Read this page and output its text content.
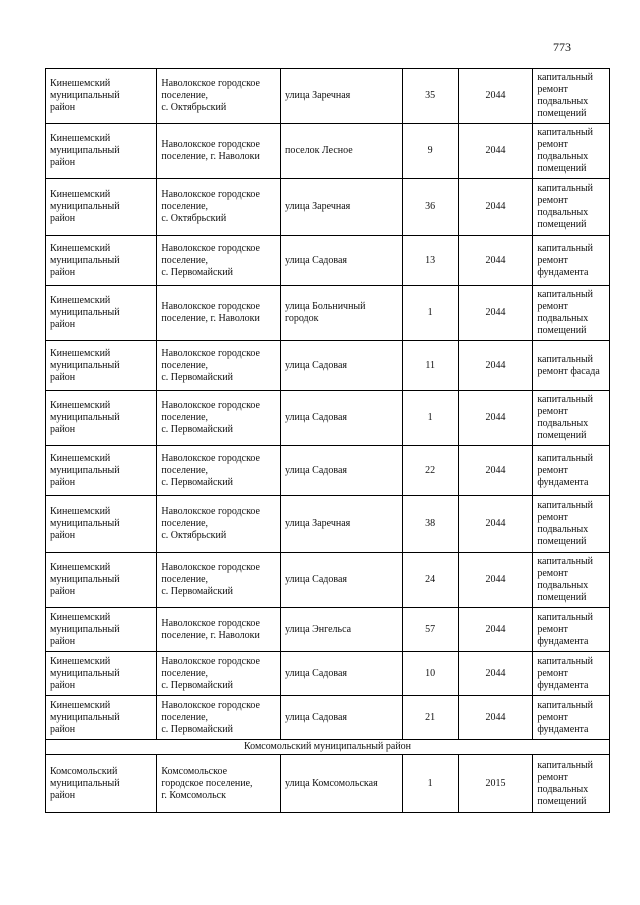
773
Кинешемский
муниципальный
район	Наволокское городское
поселение,
с. Октябрьский	улица Заречная	35	2044	капитальный
ремонт
подвальных
помещений
Кинешемский
муниципальный
район	Наволокское городское
поселение, г. Наволоки	поселок Лесное	9	2044	капитальный
ремонт
подвальных
помещений
Кинешемский
муниципальный
район	Наволокское городское
поселение,
с. Октябрьский	улица Заречная	36	2044	капитальный
ремонт
подвальных
помещений
Кинешемский
муниципальный
район	Наволокское городское
поселение,
с. Первомайский	улица Садовая	13	2044	капитальный
ремонт
фундамента
Кинешемский
муниципальный
район	Наволокское городское
поселение, г. Наволоки	улица Больничный
городок	1	2044	капитальный
ремонт
подвальных
помещений
Кинешемский
муниципальный
район	Наволокское городское
поселение,
с. Первомайский	улица Садовая	11	2044	капитальный
ремонт фасада
Кинешемский
муниципальный
район	Наволокское городское
поселение,
с. Первомайский	улица Садовая	1	2044	капитальный
ремонт
подвальных
помещений
Кинешемский
муниципальный
район	Наволокское городское
поселение,
с. Первомайский	улица Садовая	22	2044	капитальный
ремонт
фундамента
Кинешемский
муниципальный
район	Наволокское городское
поселение,
с. Октябрьский	улица Заречная	38	2044	капитальный
ремонт
подвальных
помещений
Кинешемский
муниципальный
район	Наволокское городское
поселение,
с. Первомайский	улица Садовая	24	2044	капитальный
ремонт
подвальных
помещений
Кинешемский
муниципальный
район	Наволокское городское
поселение, г. Наволоки	улица Энгельса	57	2044	капитальный
ремонт
фундамента
Кинешемский
муниципальный
район	Наволокское городское
поселение,
с. Первомайский	улица Садовая	10	2044	капитальный
ремонт
фундамента
Кинешемский
муниципальный
район	Наволокское городское
поселение,
с. Первомайский	улица Садовая	21	2044	капитальный
ремонт
фундамента
Комсомольский муниципальный район					
Комсомольский
муниципальный
район	Комсомольское
городское поселение,
г. Комсомольск	улица Комсомольская	1	2015	капитальный
ремонт
подвальных
помещений
